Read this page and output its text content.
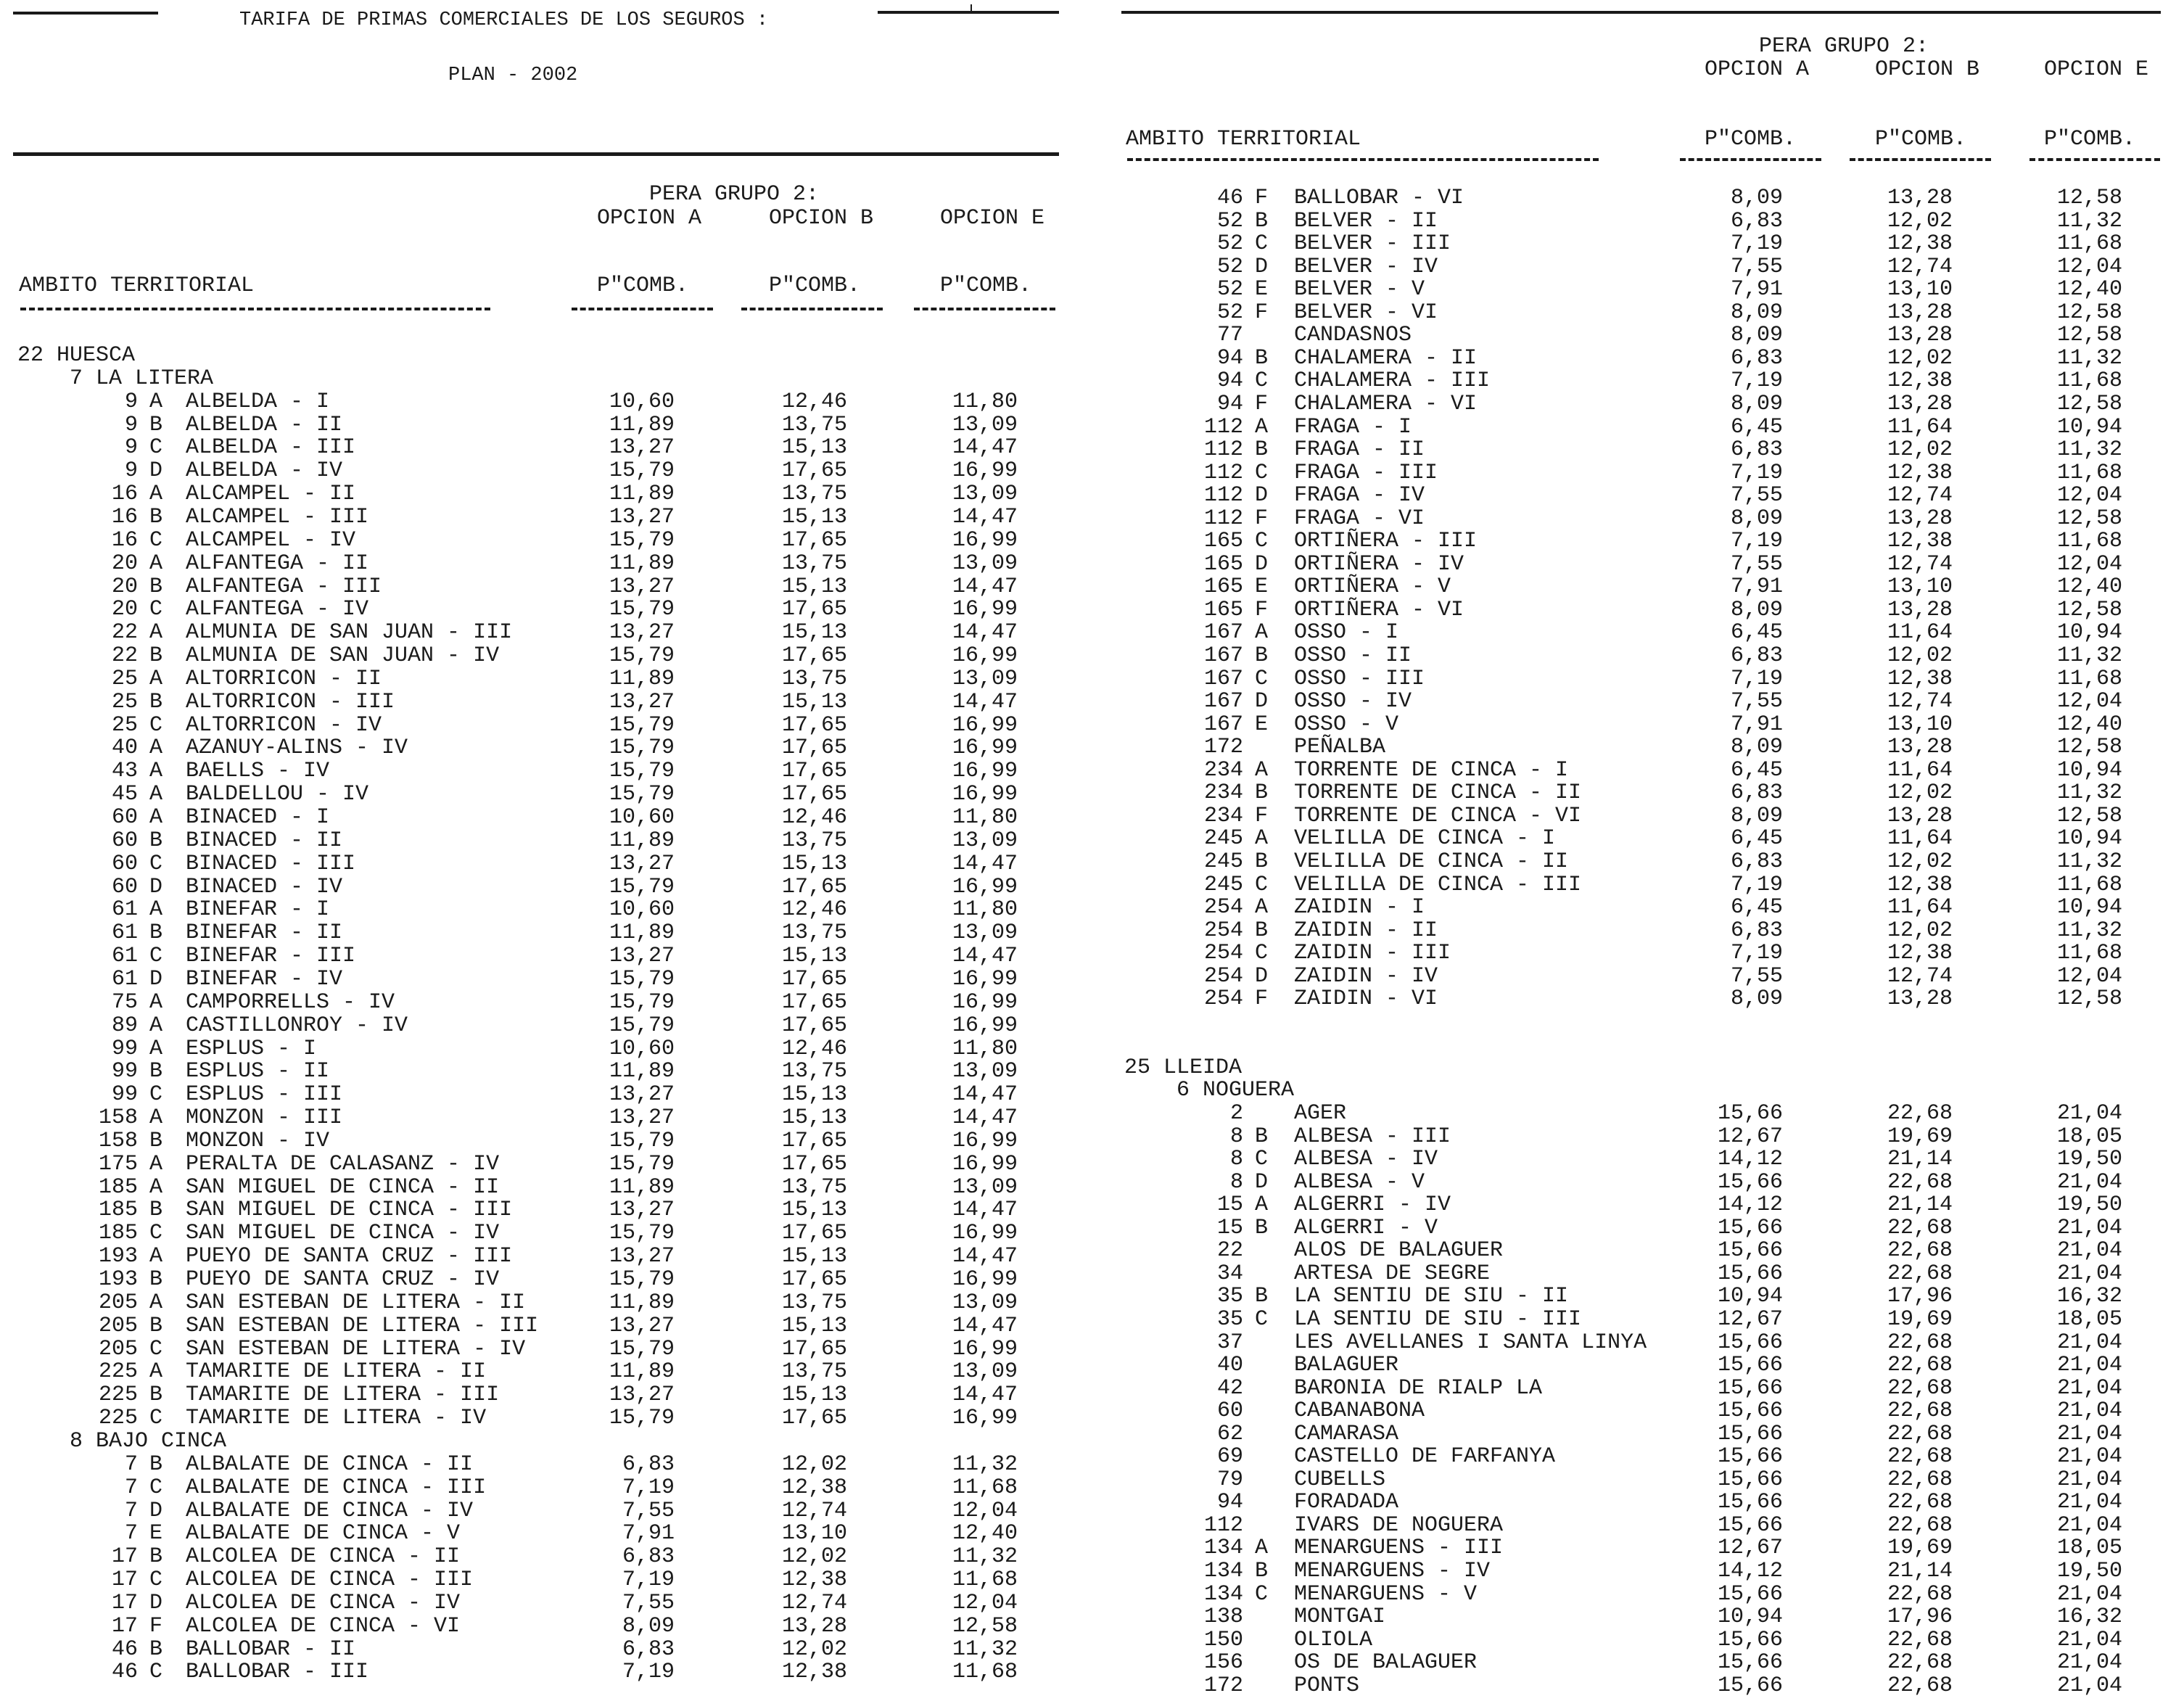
TARIFA DE PRIMAS COMERCIALES DE LOS SEGUROS :
PLAN - 2002
PERA GRUPO 2:
OPCION A	OPCION B	OPCION E
AMBITO TERRITORIAL	P"COMB.	P"COMB.	P"COMB.
22 HUESCA
7 LA LITERA
9 A ALBELDA - I	10,60	12,46	11,80
9 B ALBELDA - II	11,89	13,75	13,09
9 C ALBELDA - III	13,27	15,13	14,47
9 D ALBELDA - IV	15,79	17,65	16,99
16 A ALCAMPEL - II	11,89	13,75	13,09
16 B ALCAMPEL - III	13,27	15,13	14,47
16 C ALCAMPEL - IV	15,79	17,65	16,99
20 A ALFANTEGA - II	11,89	13,75	13,09
20 B ALFANTEGA - III	13,27	15,13	14,47
20 C ALFANTEGA - IV	15,79	17,65	16,99
22 A ALMUNIA DE SAN JUAN - III	13,27	15,13	14,47
22 B ALMUNIA DE SAN JUAN - IV	15,79	17,65	16,99
25 A ALTORRICON - II	11,89	13,75	13,09
25 B ALTORRICON - III	13,27	15,13	14,47
25 C ALTORRICON - IV	15,79	17,65	16,99
40 A AZANUY-ALINS - IV	15,79	17,65	16,99
43 A BAELLS - IV	15,79	17,65	16,99
45 A BALDELLOU - IV	15,79	17,65	16,99
60 A BINACED - I	10,60	12,46	11,80
60 B BINACED - II	11,89	13,75	13,09
60 C BINACED - III	13,27	15,13	14,47
60 D BINACED - IV	15,79	17,65	16,99
61 A BINEFAR - I	10,60	12,46	11,80
61 B BINEFAR - II	11,89	13,75	13,09
61 C BINEFAR - III	13,27	15,13	14,47
61 D BINEFAR - IV	15,79	17,65	16,99
75 A CAMPORRELLS - IV	15,79	17,65	16,99
89 A CASTILLONROY - IV	15,79	17,65	16,99
99 A ESPLUS - I	10,60	12,46	11,80
99 B ESPLUS - II	11,89	13,75	13,09
99 C ESPLUS - III	13,27	15,13	14,47
158 A MONZON - III	13,27	15,13	14,47
158 B MONZON - IV	15,79	17,65	16,99
175 A PERALTA DE CALASANZ - IV	15,79	17,65	16,99
185 A SAN MIGUEL DE CINCA - II	11,89	13,75	13,09
185 B SAN MIGUEL DE CINCA - III	13,27	15,13	14,47
185 C SAN MIGUEL DE CINCA - IV	15,79	17,65	16,99
193 A PUEYO DE SANTA CRUZ - III	13,27	15,13	14,47
193 B PUEYO DE SANTA CRUZ - IV	15,79	17,65	16,99
205 A SAN ESTEBAN DE LITERA - II	11,89	13,75	13,09
205 B SAN ESTEBAN DE LITERA - III	13,27	15,13	14,47
205 C SAN ESTEBAN DE LITERA - IV	15,79	17,65	16,99
225 A TAMARITE DE LITERA - II	11,89	13,75	13,09
225 B TAMARITE DE LITERA - III	13,27	15,13	14,47
225 C TAMARITE DE LITERA - IV	15,79	17,65	16,99
8 BAJO CINCA
7 B ALBALATE DE CINCA - II	6,83	12,02	11,32
7 C ALBALATE DE CINCA - III	7,19	12,38	11,68
7 D ALBALATE DE CINCA - IV	7,55	12,74	12,04
7 E ALBALATE DE CINCA - V	7,91	13,10	12,40
17 B ALCOLEA DE CINCA - II	6,83	12,02	11,32
17 C ALCOLEA DE CINCA - III	7,19	12,38	11,68
17 D ALCOLEA DE CINCA - IV	7,55	12,74	12,04
17 F ALCOLEA DE CINCA - VI	8,09	13,28	12,58
46 B BALLOBAR - II	6,83	12,02	11,32
46 C BALLOBAR - III	7,19	12,38	11,68
PERA GRUPO 2:
OPCION A	OPCION B	OPCION E
AMBITO TERRITORIAL	P"COMB.	P"COMB.	P"COMB.
46 F BALLOBAR - VI	8,09	13,28	12,58
52 B BELVER - II	6,83	12,02	11,32
52 C BELVER - III	7,19	12,38	11,68
52 D BELVER - IV	7,55	12,74	12,04
52 E BELVER - V	7,91	13,10	12,40
52 F BELVER - VI	8,09	13,28	12,58
77 CANDASNOS	8,09	13,28	12,58
94 B CHALAMERA - II	6,83	12,02	11,32
94 C CHALAMERA - III	7,19	12,38	11,68
94 F CHALAMERA - VI	8,09	13,28	12,58
112 A FRAGA - I	6,45	11,64	10,94
112 B FRAGA - II	6,83	12,02	11,32
112 C FRAGA - III	7,19	12,38	11,68
112 D FRAGA - IV	7,55	12,74	12,04
112 F FRAGA - VI	8,09	13,28	12,58
165 C ORTIÑERA - III	7,19	12,38	11,68
165 D ORTIÑERA - IV	7,55	12,74	12,04
165 E ORTIÑERA - V	7,91	13,10	12,40
165 F ORTIÑERA - VI	8,09	13,28	12,58
167 A OSSO - I	6,45	11,64	10,94
167 B OSSO - II	6,83	12,02	11,32
167 C OSSO - III	7,19	12,38	11,68
167 D OSSO - IV	7,55	12,74	12,04
167 E OSSO - V	7,91	13,10	12,40
172 PEÑALBA	8,09	13,28	12,58
234 A TORRENTE DE CINCA - I	6,45	11,64	10,94
234 B TORRENTE DE CINCA - II	6,83	12,02	11,32
234 F TORRENTE DE CINCA - VI	8,09	13,28	12,58
245 A VELILLA DE CINCA - I	6,45	11,64	10,94
245 B VELILLA DE CINCA - II	6,83	12,02	11,32
245 C VELILLA DE CINCA - III	7,19	12,38	11,68
254 A ZAIDIN - I	6,45	11,64	10,94
254 B ZAIDIN - II	6,83	12,02	11,32
254 C ZAIDIN - III	7,19	12,38	11,68
254 D ZAIDIN - IV	7,55	12,74	12,04
254 F ZAIDIN - VI	8,09	13,28	12,58
25 LLEIDA
6 NOGUERA
2 AGER	15,66	22,68	21,04
8 B ALBESA - III	12,67	19,69	18,05
8 C ALBESA - IV	14,12	21,14	19,50
8 D ALBESA - V	15,66	22,68	21,04
15 A ALGERRI - IV	14,12	21,14	19,50
15 B ALGERRI - V	15,66	22,68	21,04
22 ALOS DE BALAGUER	15,66	22,68	21,04
34 ARTESA DE SEGRE	15,66	22,68	21,04
35 B LA SENTIU DE SIU - II	10,94	17,96	16,32
35 C LA SENTIU DE SIU - III	12,67	19,69	18,05
37 LES AVELLANES I SANTA LINYA	15,66	22,68	21,04
40 BALAGUER	15,66	22,68	21,04
42 BARONIA DE RIALP LA	15,66	22,68	21,04
60 CABANABONA	15,66	22,68	21,04
62 CAMARASA	15,66	22,68	21,04
69 CASTELLO DE FARFANYA	15,66	22,68	21,04
79 CUBELLS	15,66	22,68	21,04
94 FORADADA	15,66	22,68	21,04
112 IVARS DE NOGUERA	15,66	22,68	21,04
134 A MENARGUENS - III	12,67	19,69	18,05
134 B MENARGUENS - IV	14,12	21,14	19,50
134 C MENARGUENS - V	15,66	22,68	21,04
138 MONTGAI	10,94	17,96	16,32
150 OLIOLA	15,66	22,68	21,04
156 OS DE BALAGUER	15,66	22,68	21,04
172 PONTS	15,66	22,68	21,04
